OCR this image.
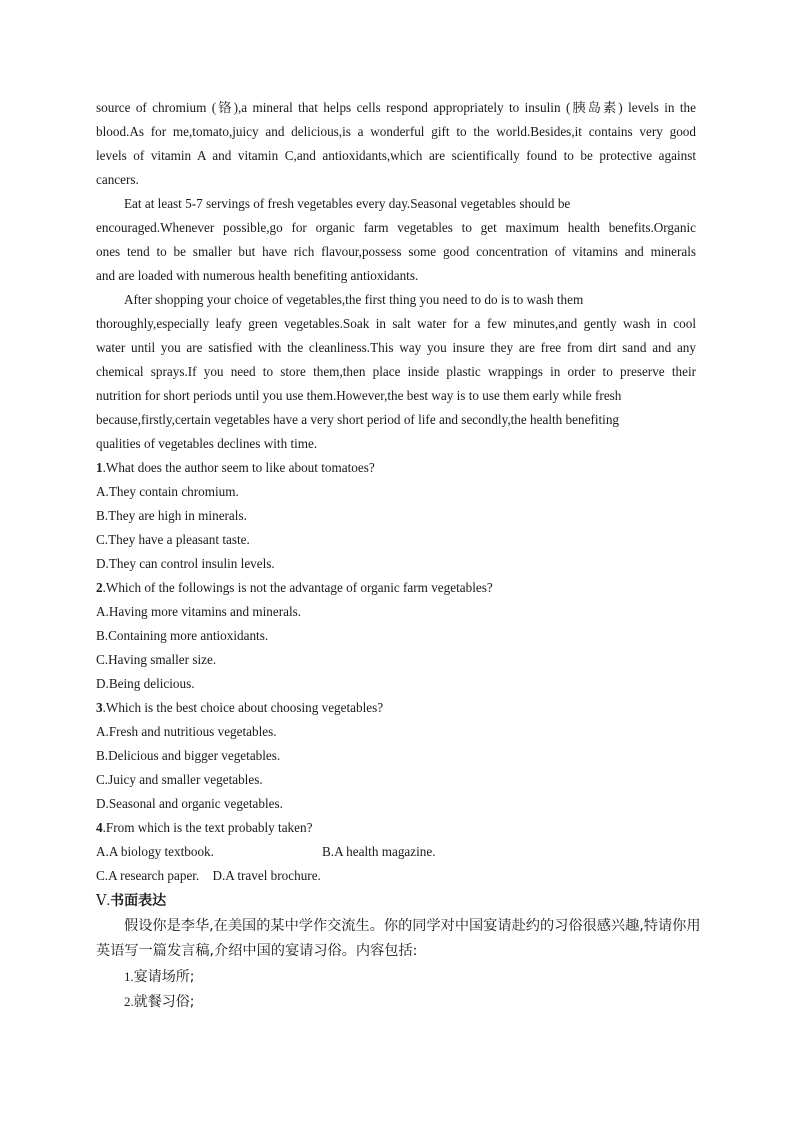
source of chromium (铬),a mineral that helps cells respond appropriately to insulin (胰岛素) levels in the
blood.As for me,tomato,juicy and delicious,is a wonderful gift to the world.Besides,it contains very good
levels of vitamin A and vitamin C,and antioxidants,which are scientifically found to be protective against
cancers.
Eat at least 5-7 servings of fresh vegetables every day.Seasonal vegetables should be
encouraged.Whenever possible,go for organic farm vegetables to get maximum health benefits.Organic
ones tend to be smaller but have rich flavour,possess some good concentration of vitamins and minerals
and are loaded with numerous health benefiting antioxidants.
After shopping your choice of vegetables,the first thing you need to do is to wash them
thoroughly,especially leafy green vegetables.Soak in salt water for a few minutes,and gently wash in cool
water until you are satisfied with the cleanliness.This way you insure they are free from dirt sand and any
chemical sprays.If you need to store them,then place inside plastic wrappings in order to preserve their
nutrition for short periods until you use them.However,the best way is to use them early while fresh
because,firstly,certain vegetables have a very short period of life and secondly,the health benefiting
qualities of vegetables declines with time.
1.What does the author seem to like about tomatoes?
A.They contain chromium.
B.They are high in minerals.
C.They have a pleasant taste.
D.They can control insulin levels.
2.Which of the followings is not the advantage of organic farm vegetables?
A.Having more vitamins and minerals.
B.Containing more antioxidants.
C.Having smaller size.
D.Being delicious.
3.Which is the best choice about choosing vegetables?
A.Fresh and nutritious vegetables.
B.Delicious and bigger vegetables.
C.Juicy and smaller vegetables.
D.Seasonal and organic vegetables.
4.From which is the text probably taken?
A.A biology textbook.	B.A health magazine.
C.A research paper. D.A travel brochure.
Ⅴ.书面表达
假设你是李华,在美国的某中学作交流生。你的同学对中国宴请赴约的习俗很感兴趣,特请你用
英语写一篇发言稿,介绍中国的宴请习俗。内容包括:
1.宴请场所;
2.就餐习俗;
